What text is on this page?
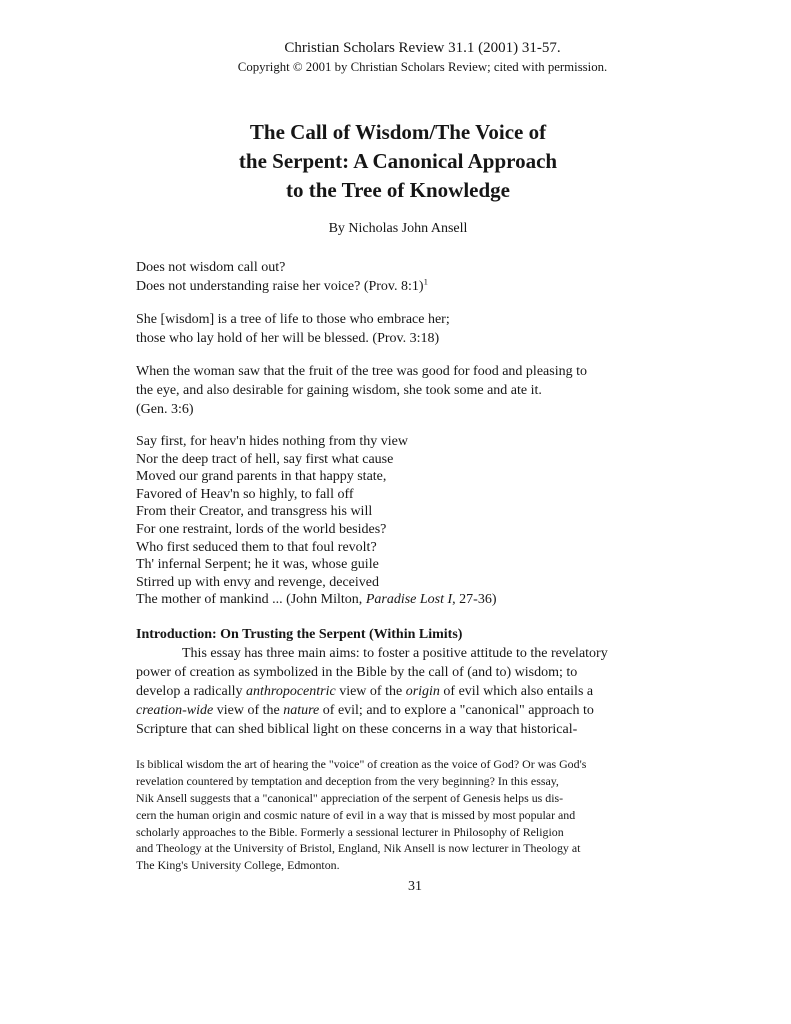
Christian Scholars Review 31.1 (2001) 31-57.
Copyright © 2001 by Christian Scholars Review; cited with permission.
The Call of Wisdom/The Voice of
the Serpent: A Canonical Approach
to the Tree of Knowledge
By Nicholas John Ansell
Does not wisdom call out?
Does not understanding raise her voice? (Prov. 8:1)$^1$
She [wisdom] is a tree of life to those who embrace her;
those who lay hold of her will be blessed. (Prov. 3:18)
When the woman saw that the fruit of the tree was good for food and pleasing to
the eye, and also desirable for gaining wisdom, she took some and ate it.
(Gen. 3:6)
Say first, for heav'n hides nothing from thy view
Nor the deep tract of hell, say first what cause
Moved our grand parents in that happy state,
Favored of Heav'n so highly, to fall off
From their Creator, and transgress his will
For one restraint, lords of the world besides?
Who first seduced them to that foul revolt?
Th' infernal Serpent; he it was, whose guile
Stirred up with envy and revenge, deceived
The mother of mankind ... (John Milton, Paradise Lost I, 27-36)
Introduction: On Trusting the Serpent (Within Limits)

This essay has three main aims: to foster a positive attitude to the revelatory
power of creation as symbolized in the Bible by the call of (and to) wisdom; to
develop a radically anthropocentric view of the origin of evil which also entails a
creation-wide view of the nature of evil; and to explore a "canonical" approach to
Scripture that can shed biblical light on these concerns in a way that historical-

Is biblical wisdom the art of hearing the "voice" of creation as the voice of God? Or was God's
revelation countered by temptation and deception from the very beginning? In this essay,
Nik Ansell suggests that a "canonical" appreciation of the serpent of Genesis helps us dis-
cern the human origin and cosmic nature of evil in a way that is missed by most popular and
scholarly approaches to the Bible. Formerly a sessional lecturer in Philosophy of Religion
and Theology at the University of Bristol, England, Nik Ansell is now lecturer in Theology at
The King's University College, Edmonton.
31
